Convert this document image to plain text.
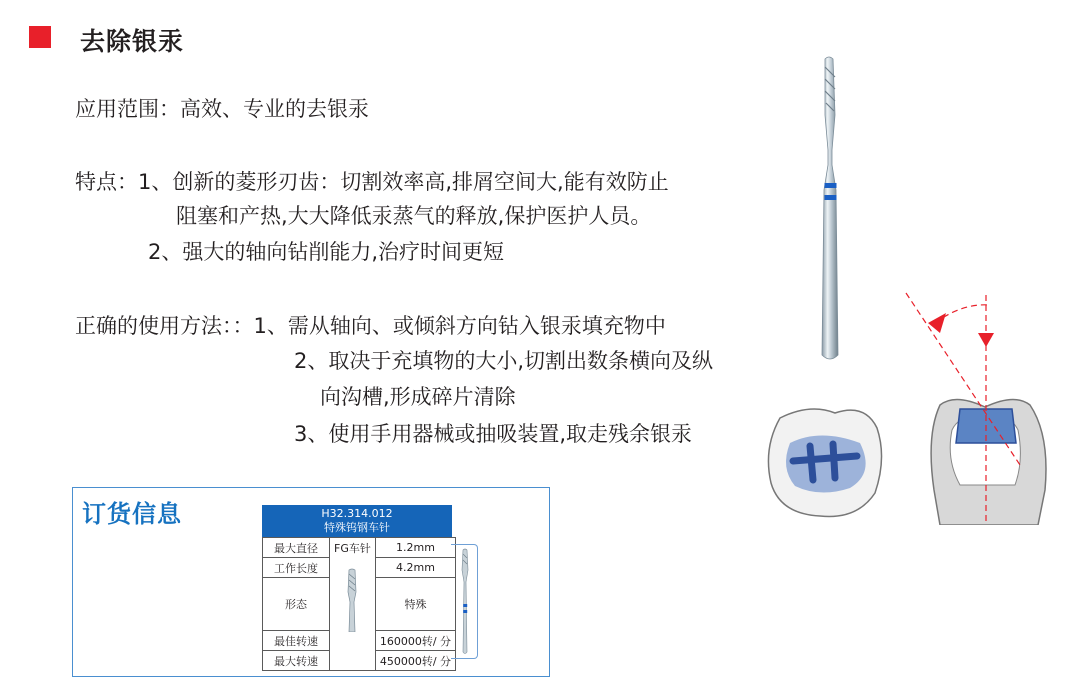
去除银汞
应用范围：高效、专业的去银汞
特点：1、创新的菱形刃齿：切割效率高,排屑空间大,能有效防止
阻塞和产热,大大降低汞蒸气的释放,保护医护人员。
2、强大的轴向钻削能力,治疗时间更短
正确的使用方法：：1、需从轴向、或倾斜方向钻入银汞填充物中
2、取决于充填物的大小,切割出数条横向及纵
向沟槽,形成碎片清除
3、使用手用器械或抽吸装置,取走残余银汞
订货信息	H32.314.012
特殊钨钢车针
最大直径	FG车针	1.2mm
工作长度		4.2mm
形态		特殊
最佳转速		160000转/ 分
最大转速		450000转/ 分
